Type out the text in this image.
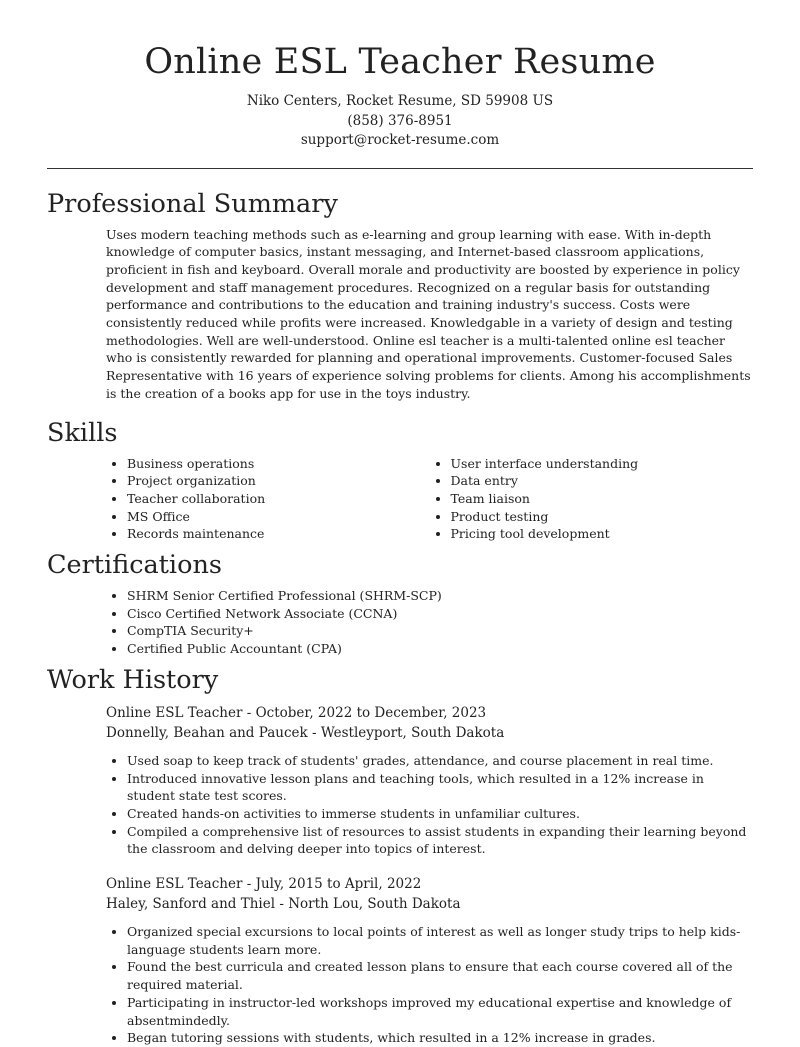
Online ESL Teacher Resume
Niko Centers, Rocket Resume, SD 59908 US
(858) 376-8951
support@rocket-resume.com
Professional Summary

Uses modern teaching methods such as e-learning and group learning with ease. With in-depth knowledge of computer basics, instant messaging, and Internet-based classroom applications, proficient in fish and keyboard. Overall morale and productivity are boosted by experience in policy development and staff management procedures. Recognized on a regular basis for outstanding performance and contributions to the education and training industry's success. Costs were consistently reduced while profits were increased. Knowledgable in a variety of design and testing methodologies. Well are well-understood. Online esl teacher is a multi-talented online esl teacher who is consistently rewarded for planning and operational improvements. Customer-focused Sales Representative with 16 years of experience solving problems for clients. Among his accomplishments is the creation of a books app for use in the toys industry.

Skills
• Business operations
• Project organization
• Teacher collaboration
• MS Office
• Records maintenance
• User interface understanding
• Data entry
• Team liaison
• Product testing
• Pricing tool development
Certifications
• SHRM Senior Certified Professional (SHRM-SCP)
• Cisco Certified Network Associate (CCNA)
• CompTIA Security+
• Certified Public Accountant (CPA)
Work History
Online ESL Teacher - October, 2022 to December, 2023
Donnelly, Beahan and Paucek - Westleyport, South Dakota
• Used soap to keep track of students' grades, attendance, and course placement in real time.
• Introduced innovative lesson plans and teaching tools, which resulted in a 12% increase in student state test scores.
• Created hands-on activities to immerse students in unfamiliar cultures.
• Compiled a comprehensive list of resources to assist students in expanding their learning beyond the classroom and delving deeper into topics of interest.
Online ESL Teacher - July, 2015 to April, 2022
Haley, Sanford and Thiel - North Lou, South Dakota
• Organized special excursions to local points of interest as well as longer study trips to help kids-language students learn more.
• Found the best curricula and created lesson plans to ensure that each course covered all of the required material.
• Participating in instructor-led workshops improved my educational expertise and knowledge of absentmindedly.
• Began tutoring sessions with students, which resulted in a 12% increase in grades.
